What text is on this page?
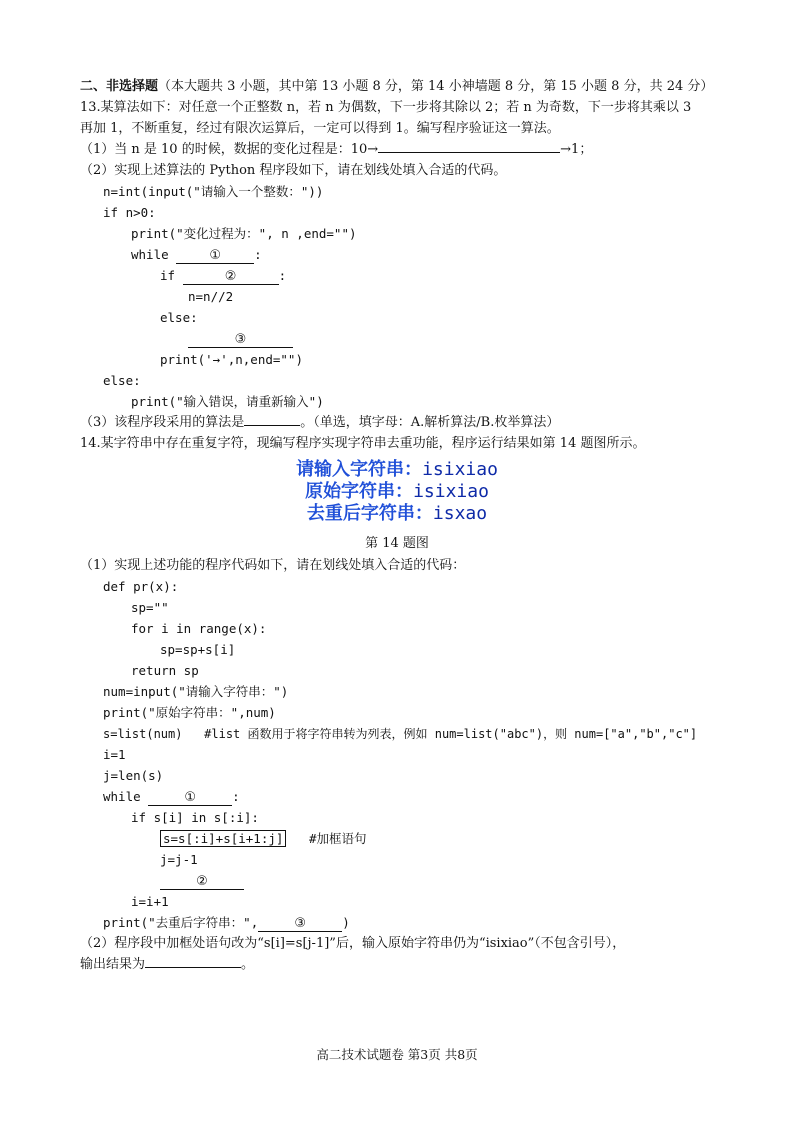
二、非选择题（本大题共 3 小题，其中第 13 小题 8 分，第 14 小神墙题 8 分，第 15 小题 8 分，共 24 分）
13.某算法如下：对任意一个正整数 n，若 n 为偶数，下一步将其除以 2；若 n 为奇数，下一步将其乘以 3
再加 1，不断重复，经过有限次运算后，一定可以得到 1。编写程序验证这一算法。
（1）当 n 是 10 的时候，数据的变化过程是：10→	→1；
（2）实现上述算法的 Python 程序段如下，请在划线处填入合适的代码。
n=int(input("请输入一个整数："))
if n>0:
print("变化过程为：", n ,end="")
while	①	:
if	②	:
n=n//2
else:
③
print('→',n,end="")
else:
print("输入错误，请重新输入")
（3）该程序段采用的算法是	。（单选，填字母：A.解析算法/B.枚举算法）
14.某字符串中存在重复字符，现编写程序实现字符串去重功能，程序运行结果如第 14 题图所示。
请输入字符串：isixiao
原始字符串：isixiao
去重后字符串：isxao
第 14 题图
（1）实现上述功能的程序代码如下，请在划线处填入合适的代码：
def pr(x):
sp=""
for i in range(x):
sp=sp+s[i]
return sp
num=input("请输入字符串：")
print("原始字符串：",num)
s=list(num)   #list 函数用于将字符串转为列表，例如 num=list("abc")，则 num=["a","b","c"]
i=1
j=len(s)
while	①	:
if s[i] in s[:i]:
s=s[:i]+s[i+1:j]   #加框语句
j=j-1
②
i=i+1
print("去重后字符串：",	③	)
（2）程序段中加框处语句改为“s[i]=s[j-1]”后，输入原始字符串仍为“isixiao”（不包含引号），
输出结果为	。
高二技术试题卷 第3页 共8页
